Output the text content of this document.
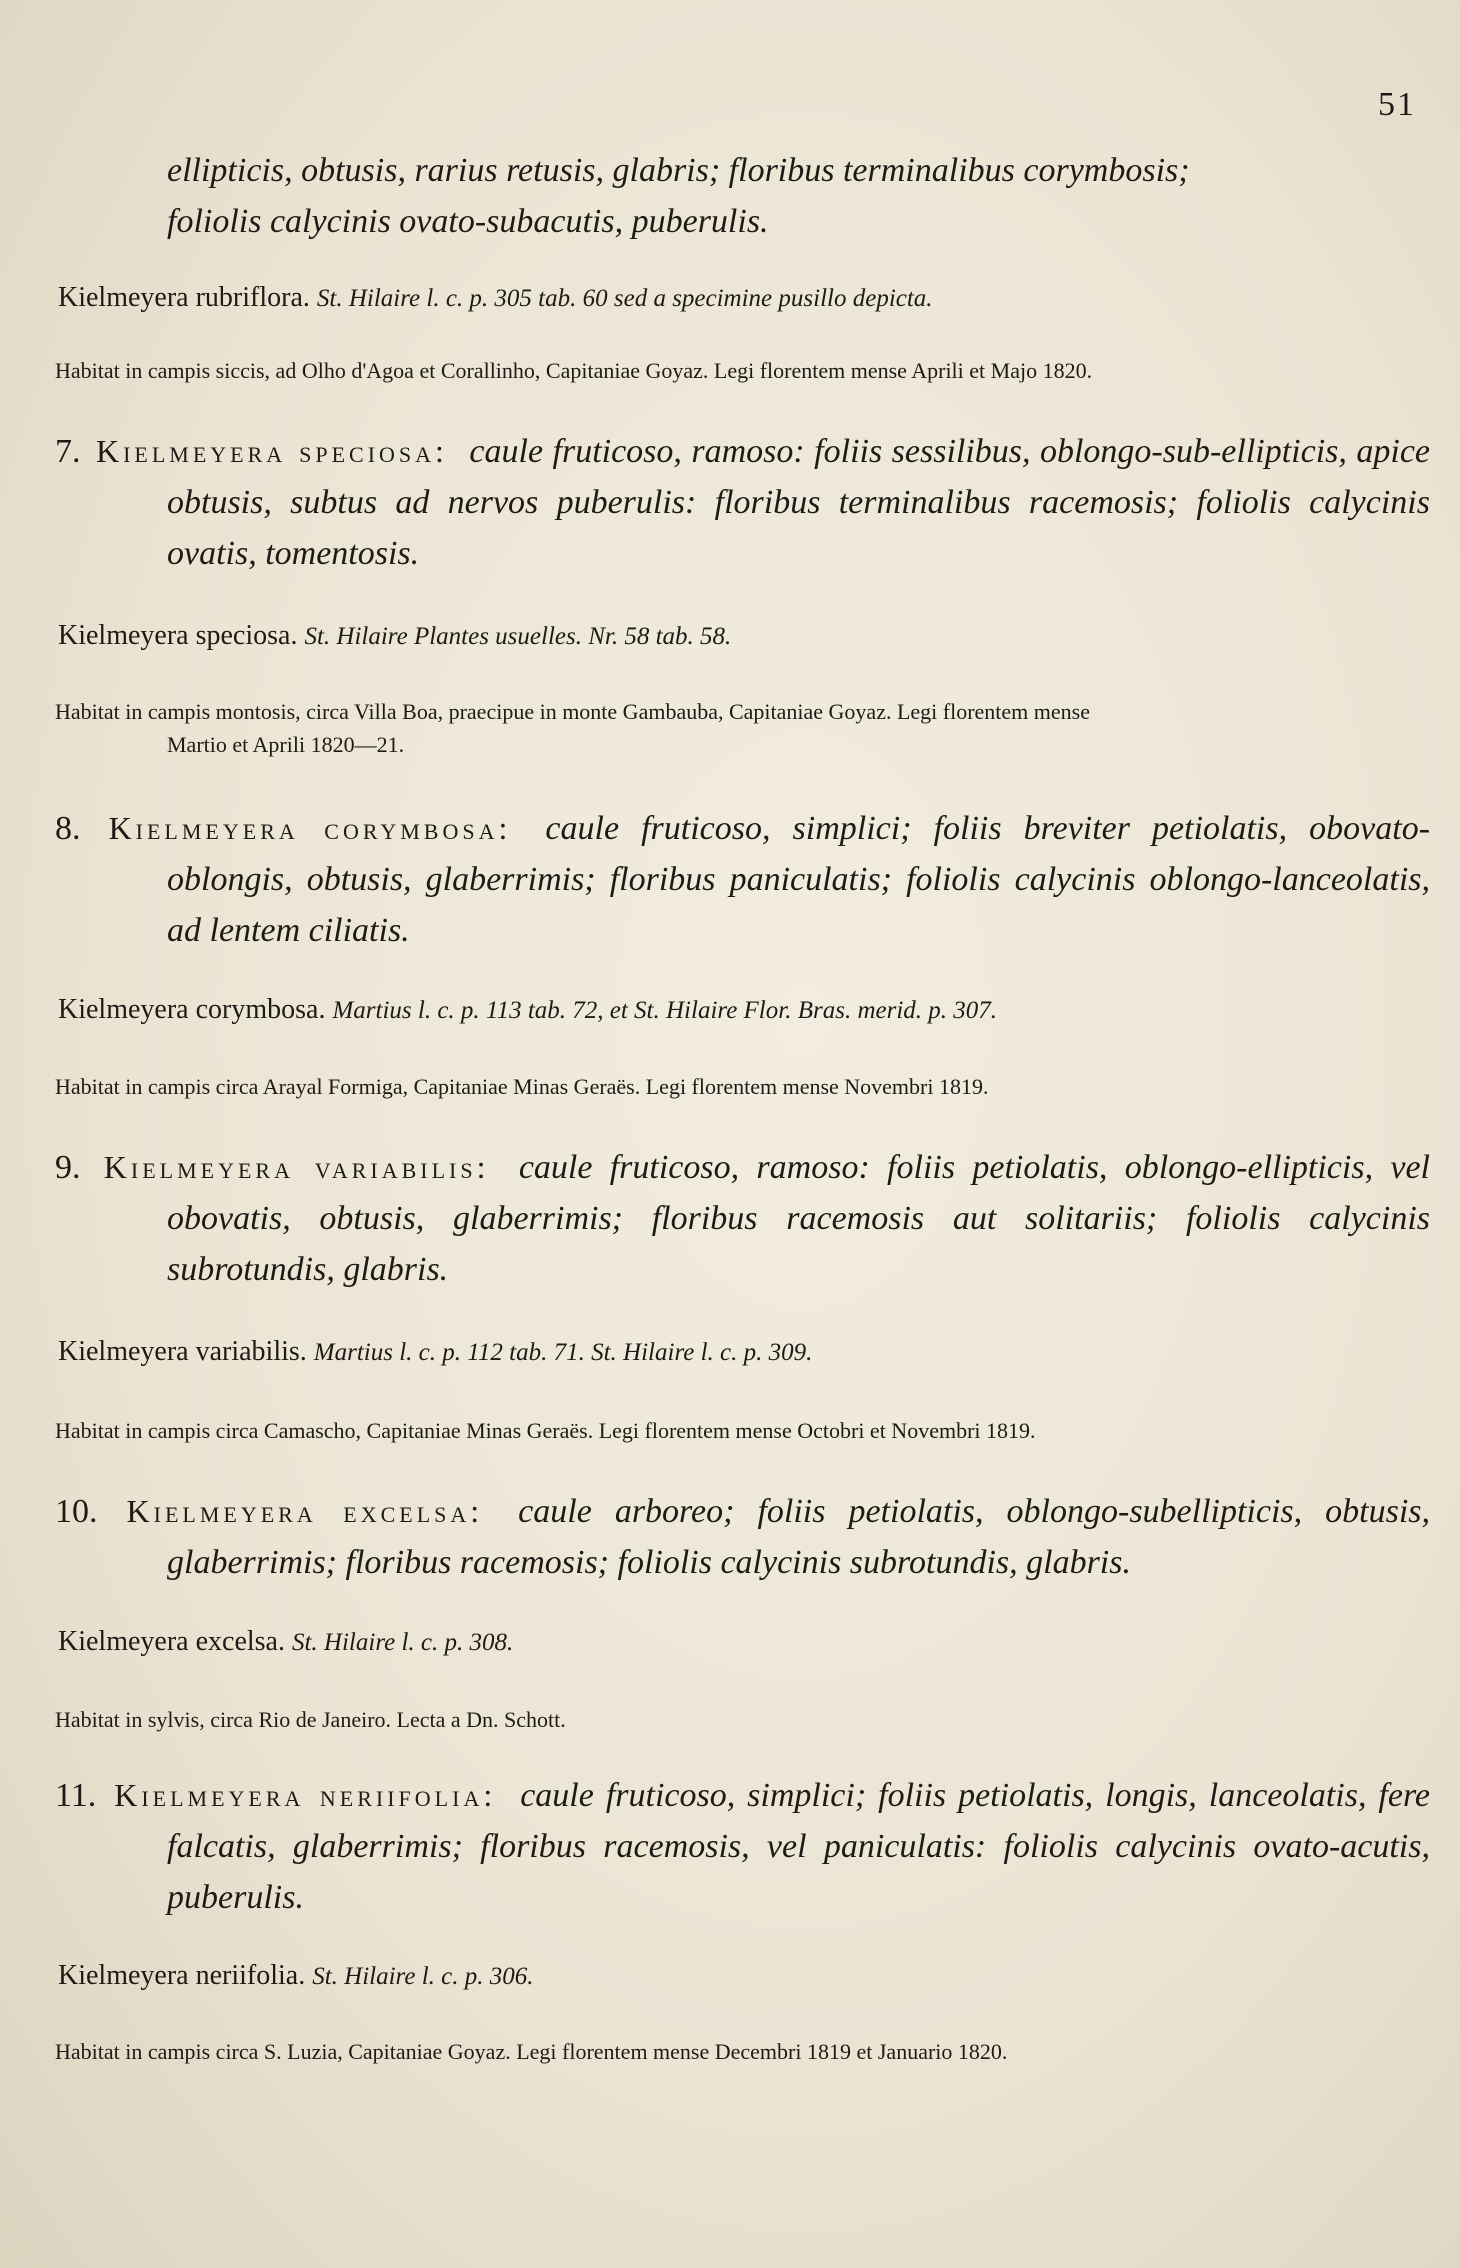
51
ellipticis, obtusis, rarius retusis, glabris; floribus terminalibus corymbosis;
foliolis calycinis ovato-subacutis, puberulis.
Kielmeyera rubriflora. St. Hilaire l. c. p. 305 tab. 60 sed a specimine pusillo depicta.
Habitat in campis siccis, ad Olho d'Agoa et Corallinho, Capitaniae Goyaz. Legi florentem mense Aprili et Majo 1820.
7. Kielmeyera speciosa: caule fruticoso, ramoso: foliis sessilibus, oblongo-sub-ellipticis, apice obtusis, subtus ad nervos puberulis: floribus terminalibus racemosis; foliolis calycinis ovatis, tomentosis.
Kielmeyera speciosa. St. Hilaire Plantes usuelles. Nr. 58 tab. 58.
Habitat in campis montosis, circa Villa Boa, praecipue in monte Gambauba, Capitaniae Goyaz. Legi florentem mense
Martio et Aprili 1820—21.
8. Kielmeyera corymbosa: caule fruticoso, simplici; foliis breviter petiolatis, obovato-oblongis, obtusis, glaberrimis; floribus paniculatis; foliolis calycinis oblongo-lanceolatis, ad lentem ciliatis.
Kielmeyera corymbosa. Martius l. c. p. 113 tab. 72, et St. Hilaire Flor. Bras. merid. p. 307.
Habitat in campis circa Arayal Formiga, Capitaniae Minas Geraës. Legi florentem mense Novembri 1819.
9. Kielmeyera variabilis: caule fruticoso, ramoso: foliis petiolatis, oblongo-ellipticis, vel obovatis, obtusis, glaberrimis; floribus racemosis aut solitariis; foliolis calycinis subrotundis, glabris.
Kielmeyera variabilis. Martius l. c. p. 112 tab. 71. St. Hilaire l. c. p. 309.
Habitat in campis circa Camascho, Capitaniae Minas Geraës. Legi florentem mense Octobri et Novembri 1819.
10. Kielmeyera excelsa: caule arboreo; foliis petiolatis, oblongo-subellipticis, obtusis, glaberrimis; floribus racemosis; foliolis calycinis subrotundis, glabris.
Kielmeyera excelsa. St. Hilaire l. c. p. 308.
Habitat in sylvis, circa Rio de Janeiro. Lecta a Dn. Schott.
11. Kielmeyera neriifolia: caule fruticoso, simplici; foliis petiolatis, longis, lanceolatis, fere falcatis, glaberrimis; floribus racemosis, vel paniculatis: foliolis calycinis ovato-acutis, puberulis.
Kielmeyera neriifolia. St. Hilaire l. c. p. 306.
Habitat in campis circa S. Luzia, Capitaniae Goyaz. Legi florentem mense Decembri 1819 et Januario 1820.
